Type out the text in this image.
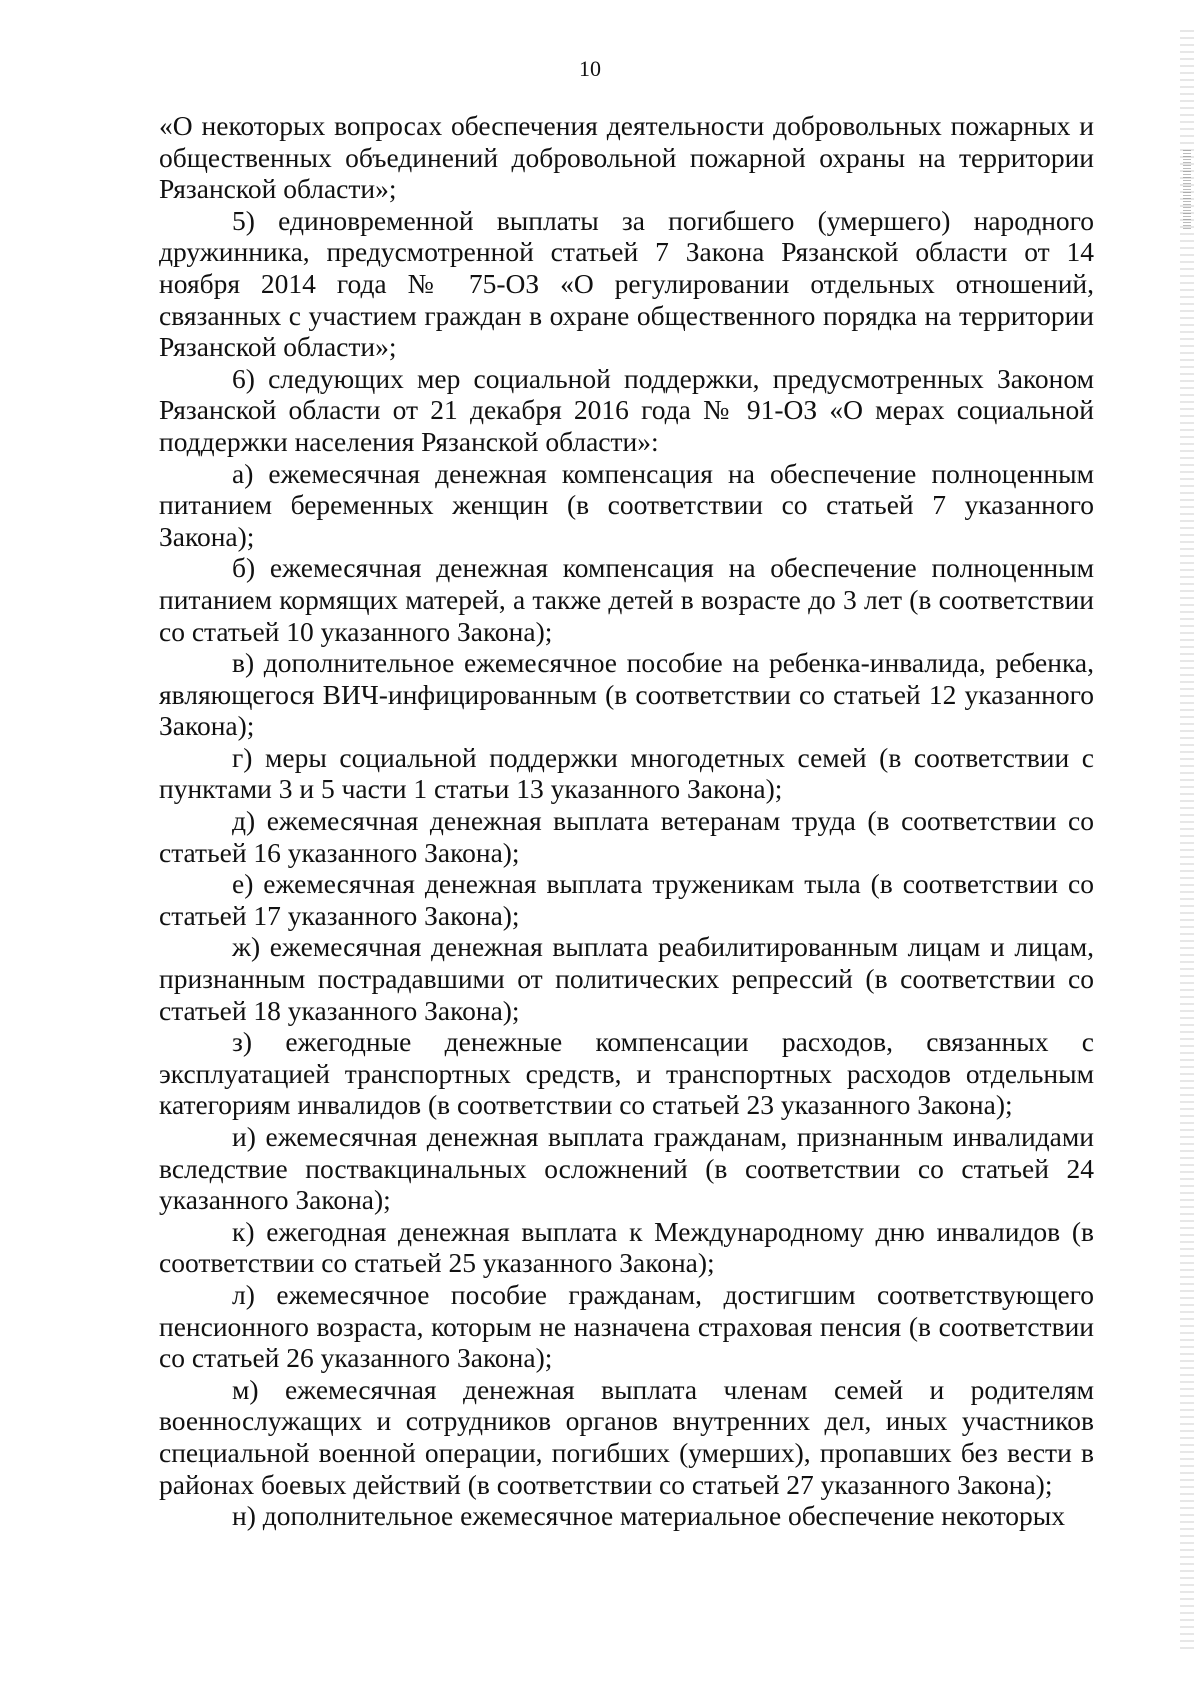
10

«О некоторых вопросах обеспечения деятельности добровольных пожарных и общественных объединений добровольной пожарной охраны на территории Рязанской области»;

5) единовременной выплаты за погибшего (умершего) народного дружинника, предусмотренной статьей 7 Закона Рязанской области от 14 ноября 2014 года № 75-ОЗ «О регулировании отдельных отношений, связанных с участием граждан в охране общественного порядка на территории Рязанской области»;

6) следующих мер социальной поддержки, предусмотренных Законом Рязанской области от 21 декабря 2016 года № 91-ОЗ «О мерах социальной поддержки населения Рязанской области»:

а) ежемесячная денежная компенсация на обеспечение полноценным питанием беременных женщин (в соответствии со статьей 7 указанного Закона);

б) ежемесячная денежная компенсация на обеспечение полноценным питанием кормящих матерей, а также детей в возрасте до 3 лет (в соответствии со статьей 10 указанного Закона);

в) дополнительное ежемесячное пособие на ребенка-инвалида, ребенка, являющегося ВИЧ-инфицированным (в соответствии со статьей 12 указанного Закона);

г) меры социальной поддержки многодетных семей (в соответствии с пунктами 3 и 5 части 1 статьи 13 указанного Закона);

д) ежемесячная денежная выплата ветеранам труда (в соответствии со статьей 16 указанного Закона);

е) ежемесячная денежная выплата труженикам тыла (в соответствии со статьей 17 указанного Закона);

ж) ежемесячная денежная выплата реабилитированным лицам и лицам, признанным пострадавшими от политических репрессий (в соответствии со статьей 18 указанного Закона);

з) ежегодные денежные компенсации расходов, связанных с эксплуатацией транспортных средств, и транспортных расходов отдельным категориям инвалидов (в соответствии со статьей 23 указанного Закона);

и) ежемесячная денежная выплата гражданам, признанным инвалидами вследствие поствакцинальных осложнений (в соответствии со статьей 24 указанного Закона);

к) ежегодная денежная выплата к Международному дню инвалидов (в соответствии со статьей 25 указанного Закона);

л) ежемесячное пособие гражданам, достигшим соответствующего пенсионного возраста, которым не назначена страховая пенсия (в соответствии со статьей 26 указанного Закона);

м) ежемесячная денежная выплата членам семей и родителям военнослужащих и сотрудников органов внутренних дел, иных участников специальной военной операции, погибших (умерших), пропавших без вести в районах боевых действий (в соответствии со статьей 27 указанного Закона);

н) дополнительное ежемесячное материальное обеспечение некоторых
